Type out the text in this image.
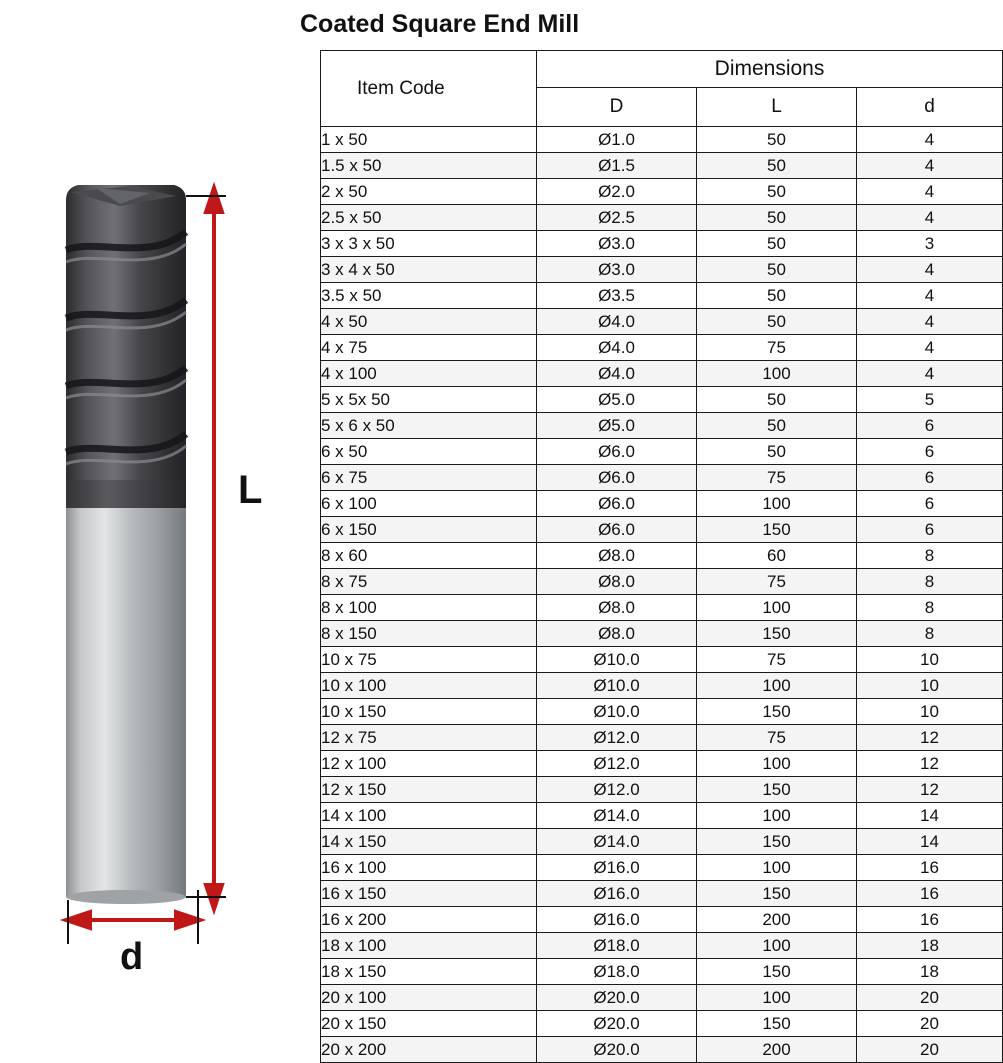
L
d
Coated Square End Mill
Item Code	Dimensions		
	D	L	d
1 x 50	Ø1.0	50	4
1.5 x 50	Ø1.5	50	4
2 x 50	Ø2.0	50	4
2.5 x 50	Ø2.5	50	4
3 x 3 x 50	Ø3.0	50	3
3 x 4 x 50	Ø3.0	50	4
3.5 x 50	Ø3.5	50	4
4 x 50	Ø4.0	50	4
4 x 75	Ø4.0	75	4
4 x 100	Ø4.0	100	4
5 x 5x 50	Ø5.0	50	5
5 x 6 x 50	Ø5.0	50	6
6 x 50	Ø6.0	50	6
6 x 75	Ø6.0	75	6
6 x 100	Ø6.0	100	6
6 x 150	Ø6.0	150	6
8 x 60	Ø8.0	60	8
8 x 75	Ø8.0	75	8
8 x 100	Ø8.0	100	8
8 x 150	Ø8.0	150	8
10 x 75	Ø10.0	75	10
10 x 100	Ø10.0	100	10
10 x 150	Ø10.0	150	10
12 x 75	Ø12.0	75	12
12 x 100	Ø12.0	100	12
12 x 150	Ø12.0	150	12
14 x 100	Ø14.0	100	14
14 x 150	Ø14.0	150	14
16 x 100	Ø16.0	100	16
16 x 150	Ø16.0	150	16
16 x 200	Ø16.0	200	16
18 x 100	Ø18.0	100	18
18 x 150	Ø18.0	150	18
20 x 100	Ø20.0	100	20
20 x 150	Ø20.0	150	20
20 x 200	Ø20.0	200	20
